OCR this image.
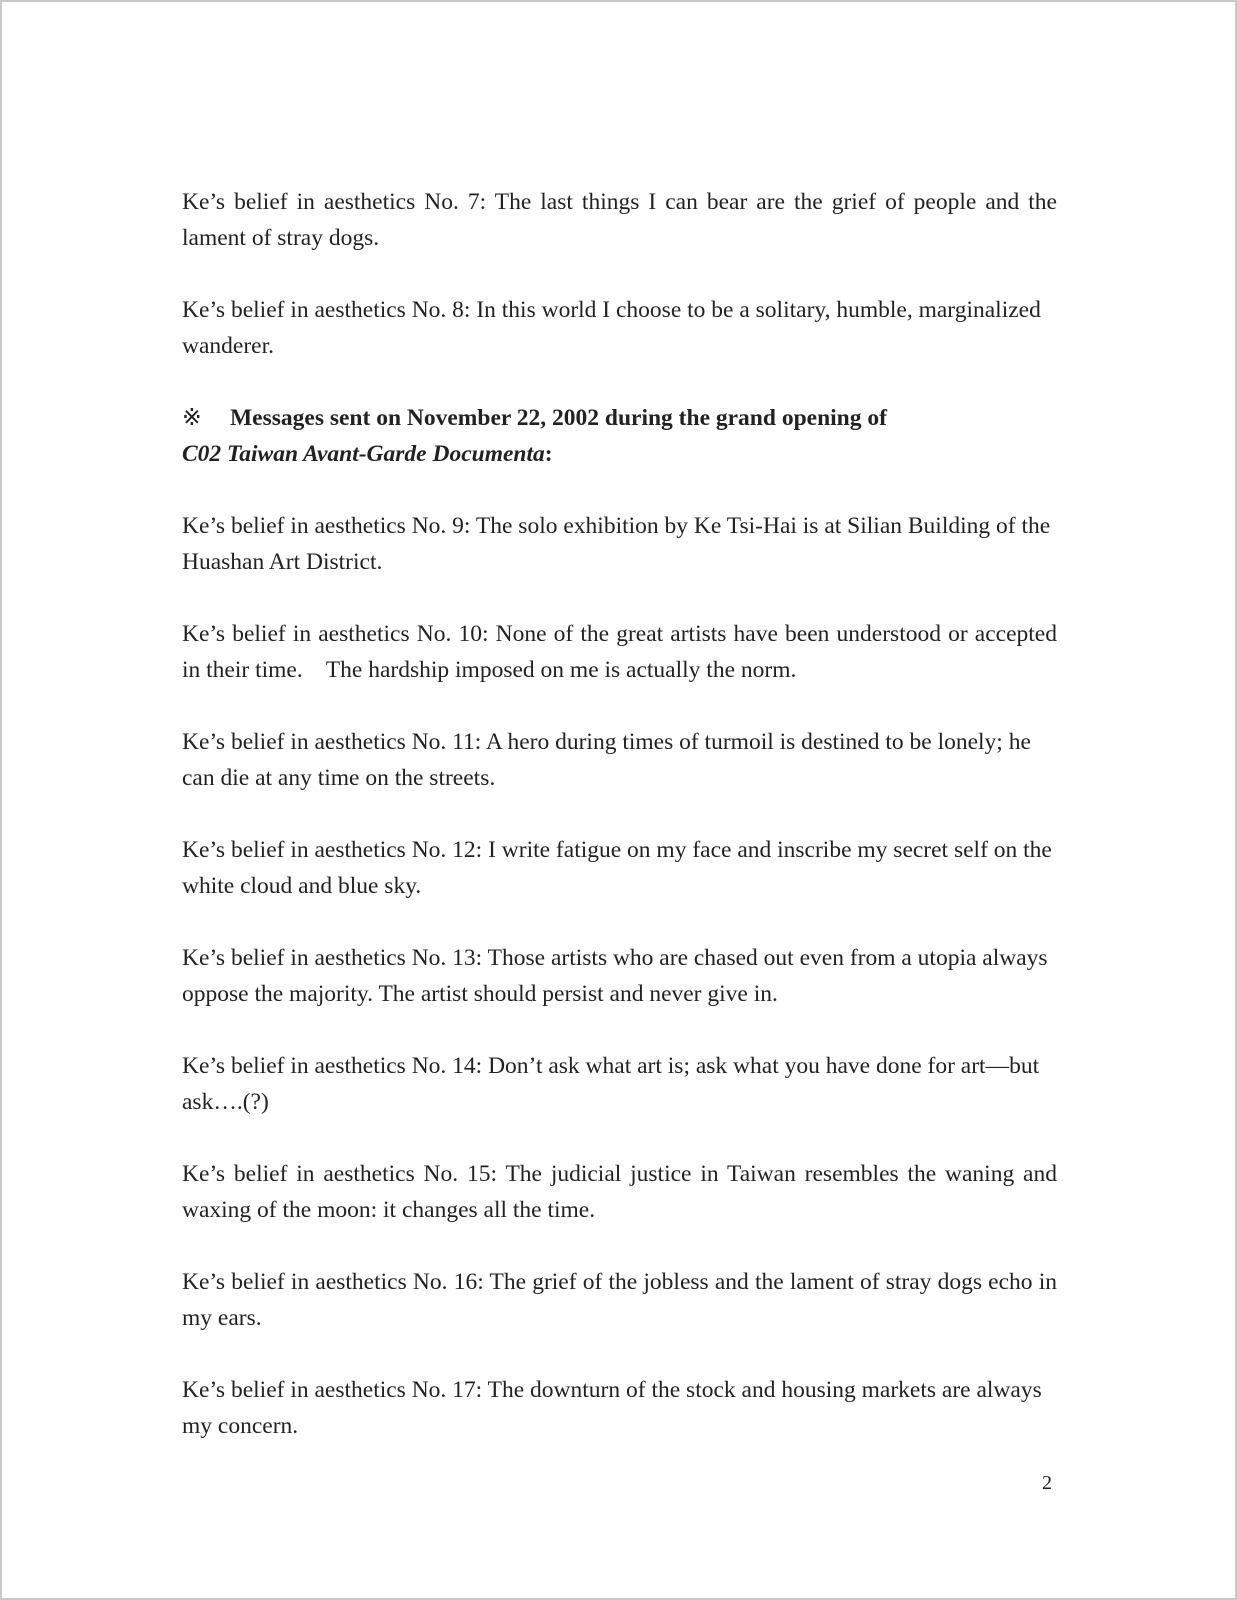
Ke’s belief in aesthetics No. 7: The last things I can bear are the grief of people and the lament of stray dogs.

Ke’s belief in aesthetics No. 8: In this world I choose to be a solitary, humble, marginalized wanderer.

※ Messages sent on November 22, 2002 during the grand opening of
C02 Taiwan Avant-Garde Documenta:

Ke’s belief in aesthetics No. 9: The solo exhibition by Ke Tsi-Hai is at Silian Building of the Huashan Art District.

Ke’s belief in aesthetics No. 10: None of the great artists have been understood or accepted in their time.    The hardship imposed on me is actually the norm.

Ke’s belief in aesthetics No. 11: A hero during times of turmoil is destined to be lonely; he can die at any time on the streets.

Ke’s belief in aesthetics No. 12: I write fatigue on my face and inscribe my secret self on the white cloud and blue sky.

Ke’s belief in aesthetics No. 13: Those artists who are chased out even from a utopia always oppose the majority. The artist should persist and never give in.

Ke’s belief in aesthetics No. 14: Don’t ask what art is; ask what you have done for art—but ask….(?)

Ke’s belief in aesthetics No. 15: The judicial justice in Taiwan resembles the waning and waxing of the moon: it changes all the time.

Ke’s belief in aesthetics No. 16: The grief of the jobless and the lament of stray dogs echo in my ears.

Ke’s belief in aesthetics No. 17: The downturn of the stock and housing markets are always my concern.

2
